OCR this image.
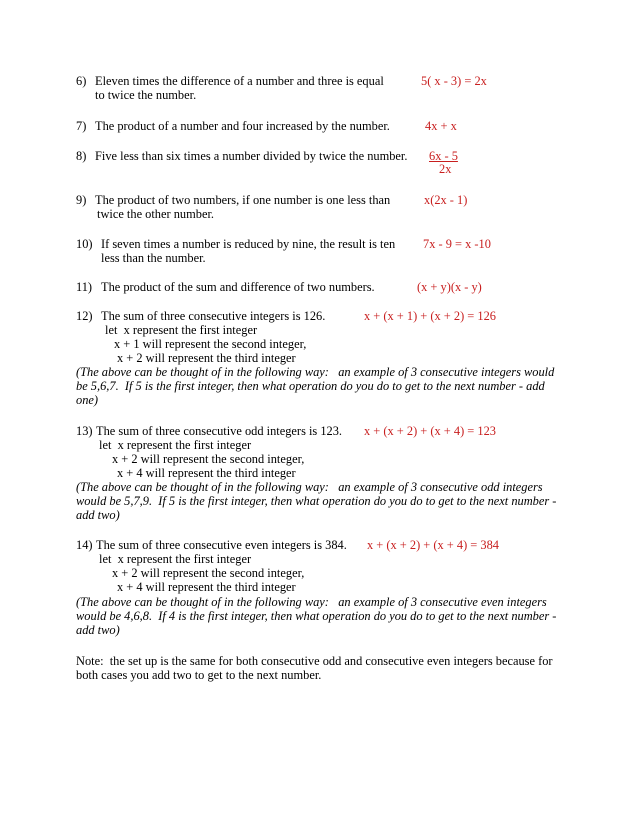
6) Eleven times the difference of a number and three is equal
to twice the number.
5( x - 3) = 2x
7) The product of a number and four increased by the number.	4x + x
8) Five less than six times a number divided by twice the number. 6x - 5
2x
9) The product of two numbers, if one number is one less than
twice the other number.
x(2x - 1)
10) If seven times a number is reduced by nine, the result is ten
less than the number.
7x - 9 = x -10
11) The product of the sum and difference of two numbers.	(x + y)(x - y)
12) The sum of three consecutive integers is 126.	x + (x + 1) + (x + 2) = 126
let  x represent the first integer
x + 1 will represent the second integer,
x + 2 will represent the third integer
(The above can be thought of in the following way:   an example of 3 consecutive integers would
be 5,6,7.  If 5 is the first integer, then what operation do you do to get to the next number - add
one)
13) The sum of three consecutive odd integers is 123. x + (x + 2) + (x + 4) = 123
let  x represent the first integer
x + 2 will represent the second integer,
x + 4 will represent the third integer
(The above can be thought of in the following way:   an example of 3 consecutive odd integers
would be 5,7,9.  If 5 is the first integer, then what operation do you do to get to the next number -
add two)
14) The sum of three consecutive even integers is 384. x + (x + 2) + (x + 4) = 384
let  x represent the first integer
x + 2 will represent the second integer,
x + 4 will represent the third integer
(The above can be thought of in the following way:   an example of 3 consecutive even integers
would be 4,6,8.  If 4 is the first integer, then what operation do you do to get to the next number -
add two)
Note:  the set up is the same for both consecutive odd and consecutive even integers because for
both cases you add two to get to the next number.
